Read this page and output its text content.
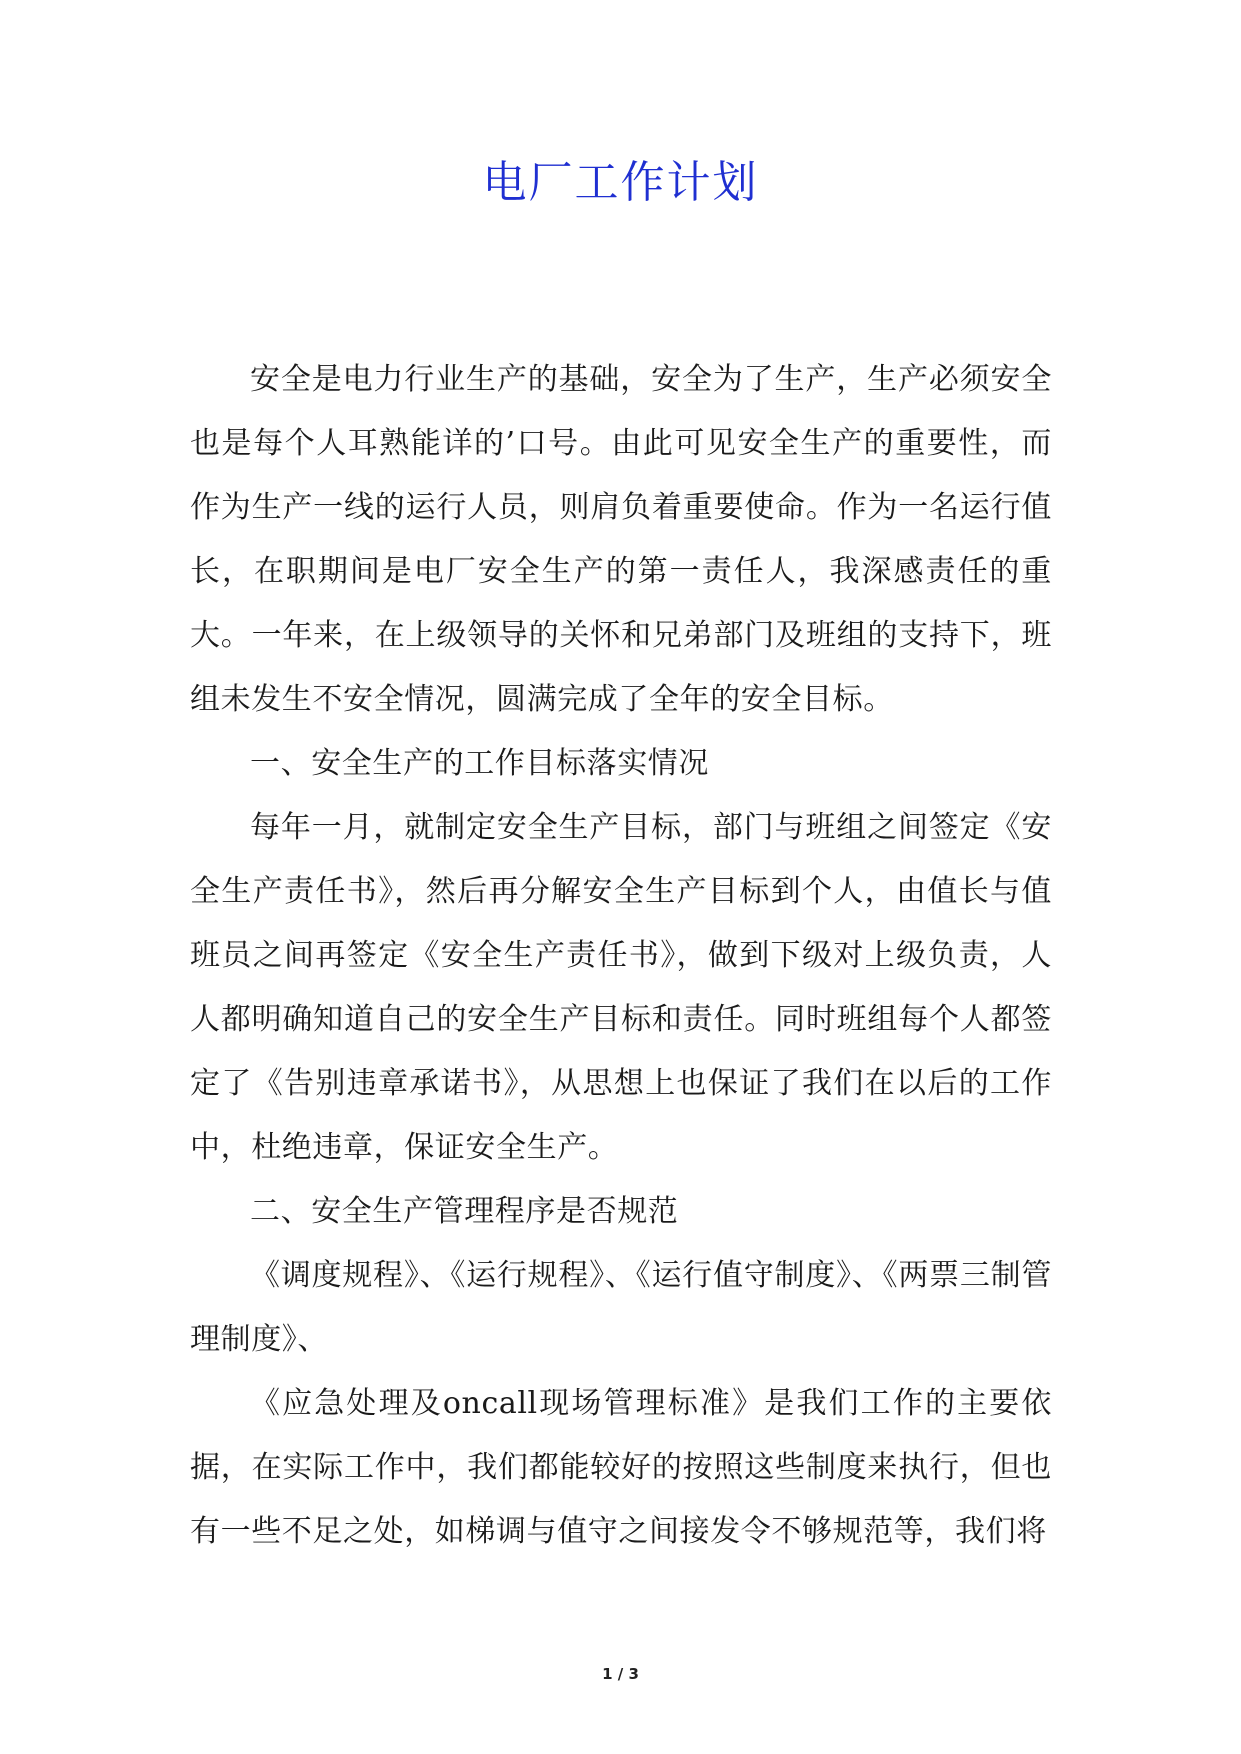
电厂工作计划

安全是电力行业生产的基础，安全为了生产，生产必须安全也是每个人耳熟能详的’口号。由此可见安全生产的重要性，而作为生产一线的运行人员，则肩负着重要使命。作为一名运行值长，在职期间是电厂安全生产的第一责任人，我深感责任的重大。一年来，在上级领导的关怀和兄弟部门及班组的支持下，班组未发生不安全情况，圆满完成了全年的安全目标。

一、安全生产的工作目标落实情况

每年一月，就制定安全生产目标，部门与班组之间签定《安全生产责任书》，然后再分解安全生产目标到个人，由值长与值班员之间再签定《安全生产责任书》，做到下级对上级负责，人人都明确知道自己的安全生产目标和责任。同时班组每个人都签定了《告别违章承诺书》，从思想上也保证了我们在以后的工作中，杜绝违章，保证安全生产。

二、安全生产管理程序是否规范

《调度规程》、《运行规程》、《运行值守制度》、《两票三制管理制度》、

《应急处理及oncall现场管理标准》是我们工作的主要依据，在实际工作中，我们都能较好的按照这些制度来执行，但也有一些不足之处，如梯调与值守之间接发令不够规范等，我们将

1 / 3
